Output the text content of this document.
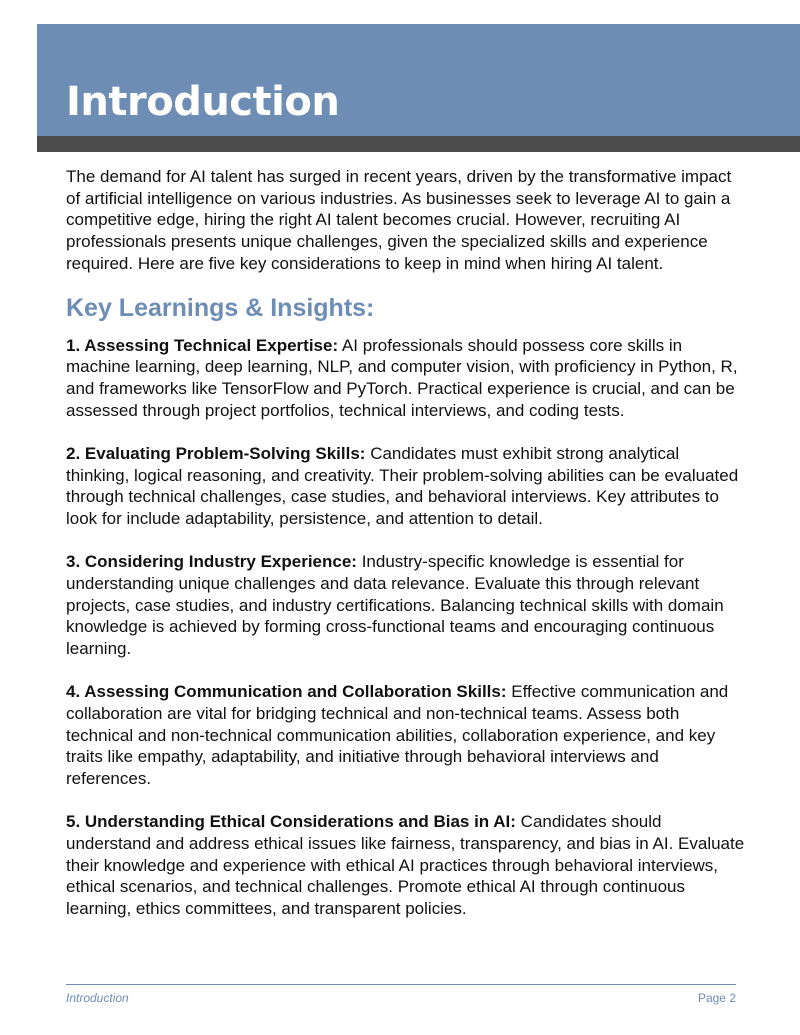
Introduction

The demand for AI talent has surged in recent years, driven by the transformative impact of artificial intelligence on various industries. As businesses seek to leverage AI to gain a competitive edge, hiring the right AI talent becomes crucial. However, recruiting AI professionals presents unique challenges, given the specialized skills and experience required. Here are five key considerations to keep in mind when hiring AI talent.

Key Learnings & Insights:

1. Assessing Technical Expertise: AI professionals should possess core skills in machine learning, deep learning, NLP, and computer vision, with proficiency in Python, R, and frameworks like TensorFlow and PyTorch. Practical experience is crucial, and can be assessed through project portfolios, technical interviews, and coding tests.

2. Evaluating Problem-Solving Skills: Candidates must exhibit strong analytical thinking, logical reasoning, and creativity. Their problem-solving abilities can be evaluated through technical challenges, case studies, and behavioral interviews. Key attributes to look for include adaptability, persistence, and attention to detail.

3. Considering Industry Experience: Industry-specific knowledge is essential for understanding unique challenges and data relevance. Evaluate this through relevant projects, case studies, and industry certifications. Balancing technical skills with domain knowledge is achieved by forming cross-functional teams and encouraging continuous learning.

4. Assessing Communication and Collaboration Skills: Effective communication and collaboration are vital for bridging technical and non-technical teams. Assess both technical and non-technical communication abilities, collaboration experience, and key traits like empathy, adaptability, and initiative through behavioral interviews and references.

5. Understanding Ethical Considerations and Bias in AI: Candidates should understand and address ethical issues like fairness, transparency, and bias in AI. Evaluate their knowledge and experience with ethical AI practices through behavioral interviews, ethical scenarios, and technical challenges. Promote ethical AI through continuous learning, ethics committees, and transparent policies.

Introduction	Page 2
